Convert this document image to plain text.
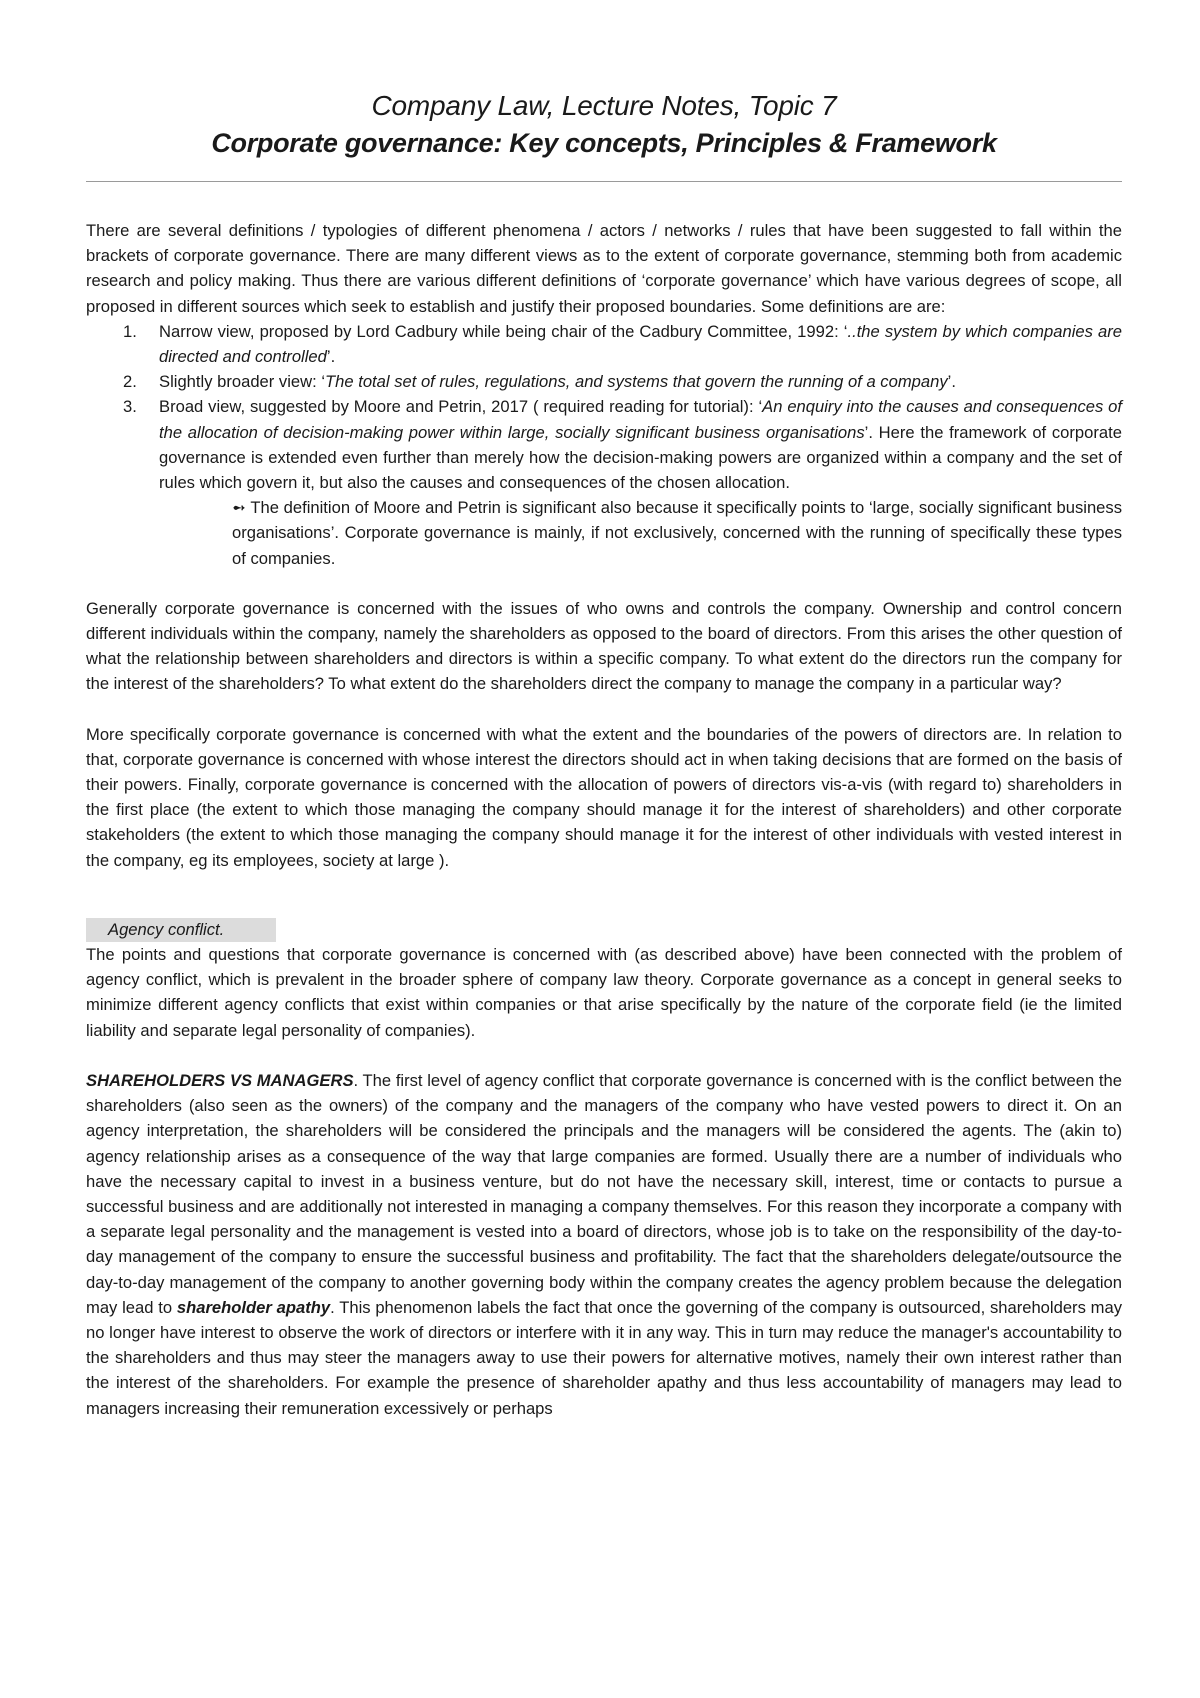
Company Law, Lecture Notes, Topic 7
Corporate governance: Key concepts, Principles & Framework

There are several definitions / typologies of different phenomena / actors / networks / rules that have been suggested to fall within the brackets of corporate governance. There are many different views as to the extent of corporate governance, stemming both from academic research and policy making. Thus there are various different definitions of ‘corporate governance’ which have various degrees of scope, all proposed in different sources which seek to establish and justify their proposed boundaries. Some definitions are are:

1. Narrow view, proposed by Lord Cadbury while being chair of the Cadbury Committee, 1992: ‘..the system by which companies are directed and controlled’.
2. Slightly broader view: ‘The total set of rules, regulations, and systems that govern the running of a company’.
3. Broad view, suggested by Moore and Petrin, 2017 ( required reading for tutorial): ‘An enquiry into the causes and consequences of the allocation of decision-making power within large, socially significant business organisations’. Here the framework of corporate governance is extended even further than merely how the decision-making powers are organized within a company and the set of rules which govern it, but also the causes and consequences of the chosen allocation.

➻ The definition of Moore and Petrin is significant also because it specifically points to ‘large, socially significant business organisations’. Corporate governance is mainly, if not exclusively, concerned with the running of specifically these types of companies.

Generally corporate governance is concerned with the issues of who owns and controls the company. Ownership and control concern different individuals within the company, namely the shareholders as opposed to the board of directors. From this arises the other question of what the relationship between shareholders and directors is within a specific company. To what extent do the directors run the company for the interest of the shareholders? To what extent do the shareholders direct the company to manage the company in a particular way?

More specifically corporate governance is concerned with what the extent and the boundaries of the powers of directors are. In relation to that, corporate governance is concerned with whose interest the directors should act in when taking decisions that are formed on the basis of their powers. Finally, corporate governance is concerned with the allocation of powers of directors vis-a-vis (with regard to) shareholders in the first place (the extent to which those managing the company should manage it for the interest of shareholders) and other corporate stakeholders (the extent to which those managing the company should manage it for the interest of other individuals with vested interest in the company, eg its employees, society at large ).

Agency conflict.

The points and questions that corporate governance is concerned with (as described above) have been connected with the problem of agency conflict, which is prevalent in the broader sphere of company law theory. Corporate governance as a concept in general seeks to minimize different agency conflicts that exist within companies or that arise specifically by the nature of the corporate field (ie the limited liability and separate legal personality of companies).

SHAREHOLDERS VS MANAGERS. The first level of agency conflict that corporate governance is concerned with is the conflict between the shareholders (also seen as the owners) of the company and the managers of the company who have vested powers to direct it. On an agency interpretation, the shareholders will be considered the principals and the managers will be considered the agents. The (akin to) agency relationship arises as a consequence of the way that large companies are formed. Usually there are a number of individuals who have the necessary capital to invest in a business venture, but do not have the necessary skill, interest, time or contacts to pursue a successful business and are additionally not interested in managing a company themselves. For this reason they incorporate a company with a separate legal personality and the management is vested into a board of directors, whose job is to take on the responsibility of the day-to-day management of the company to ensure the successful business and profitability. The fact that the shareholders delegate/outsource the day-to-day management of the company to another governing body within the company creates the agency problem because the delegation may lead to shareholder apathy. This phenomenon labels the fact that once the governing of the company is outsourced, shareholders may no longer have interest to observe the work of directors or interfere with it in any way. This in turn may reduce the manager's accountability to the shareholders and thus may steer the managers away to use their powers for alternative motives, namely their own interest rather than the interest of the shareholders. For example the presence of shareholder apathy and thus less accountability of managers may lead to managers increasing their remuneration excessively or perhaps
